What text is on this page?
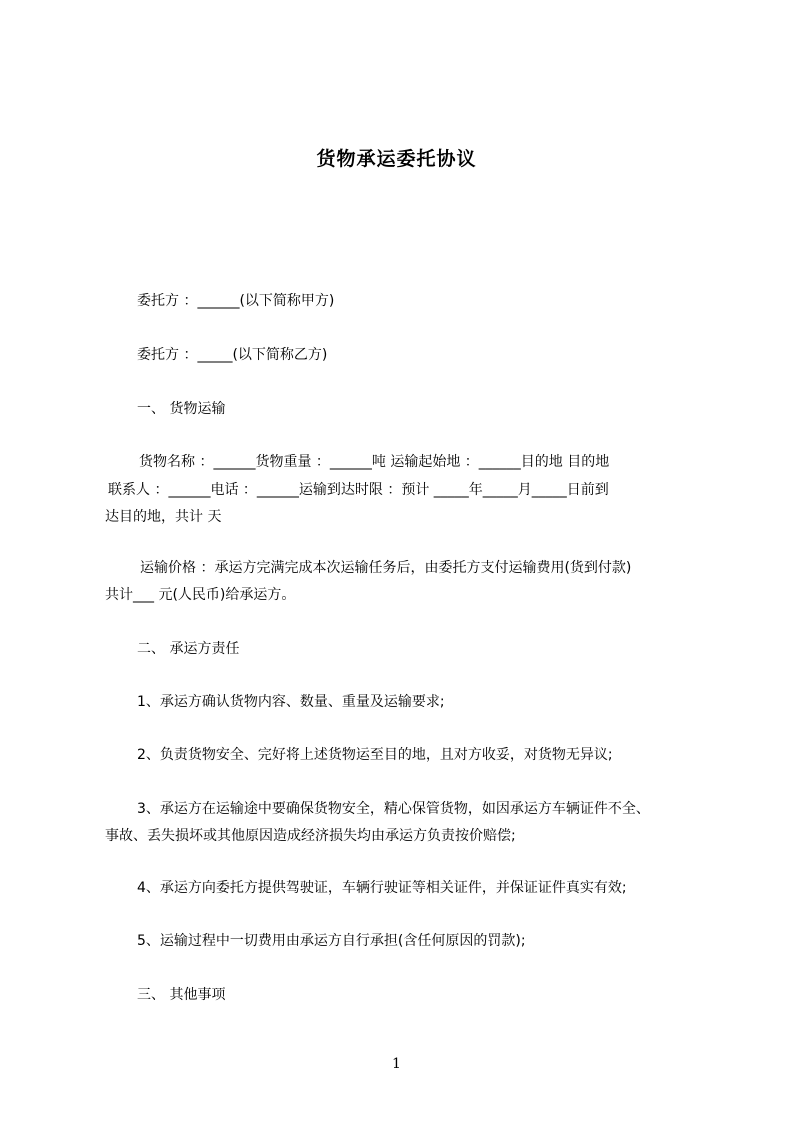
货物承运委托协议
委托方 ：______(以下简称甲方)
委托方 ：_____(以下简称乙方)
一、 货物运输
货物名称 ：______货物重量 ：______吨 运输起始地 ：______目的地 目的地
联系人 ：______电话 ：______运输到达时限 ：预计 _____年_____月_____日前到
达目的地，共计 天
运输价格 ：承运方完满完成本次运输任务后，由委托方支付运输费用(货到付款)
共计___ 元(人民币)给承运方。
二、 承运方责任
1、承运方确认货物内容、数量、重量及运输要求;
2、负责货物安全、完好将上述货物运至目的地，且对方收妥，对货物无异议;
3、承运方在运输途中要确保货物安全，精心保管货物，如因承运方车辆证件不全、
事故、丢失损坏或其他原因造成经济损失均由承运方负责按价赔偿;
4、承运方向委托方提供驾驶证，车辆行驶证等相关证件，并保证证件真实有效;
5、运输过程中一切费用由承运方自行承担(含任何原因的罚款);
三、 其他事项
1
